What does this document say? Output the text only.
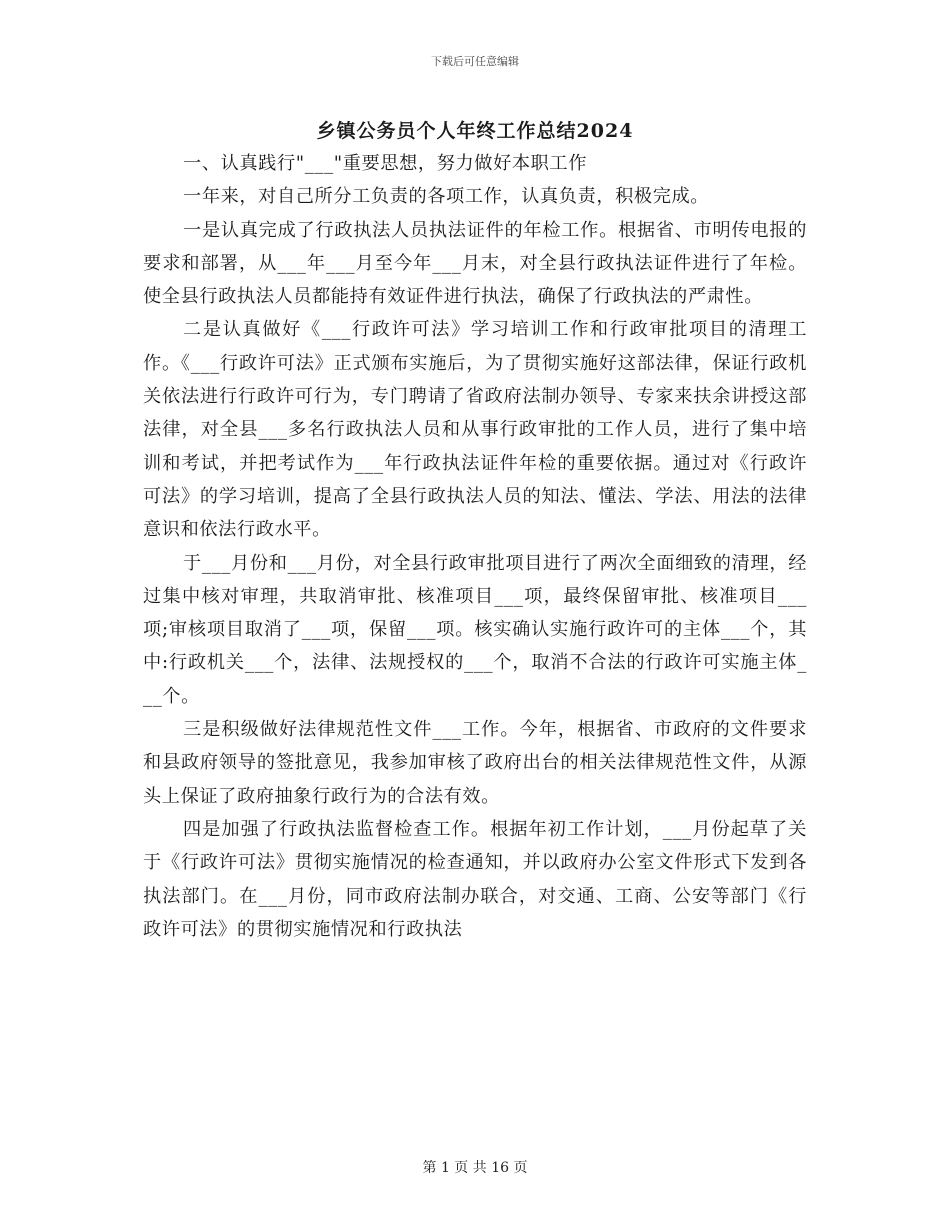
下载后可任意编辑
乡镇公务员个人年终工作总结2024

一、认真践行"___"重要思想，努力做好本职工作

一年来，对自己所分工负责的各项工作，认真负责，积极完成。

一是认真完成了行政执法人员执法证件的年检工作。根据省、市明传电报的要求和部署，从___年___月至今年___月末，对全县行政执法证件进行了年检。使全县行政执法人员都能持有效证件进行执法，确保了行政执法的严肃性。

二是认真做好《___行政许可法》学习培训工作和行政审批项目的清理工作。《___行政许可法》正式颁布实施后，为了贯彻实施好这部法律，保证行政机关依法进行行政许可行为，专门聘请了省政府法制办领导、专家来扶余讲授这部法律，对全县___多名行政执法人员和从事行政审批的工作人员，进行了集中培训和考试，并把考试作为___年行政执法证件年检的重要依据。通过对《行政许可法》的学习培训，提高了全县行政执法人员的知法、懂法、学法、用法的法律意识和依法行政水平。

于___月份和___月份，对全县行政审批项目进行了两次全面细致的清理，经过集中核对审理，共取消审批、核准项目___项，最终保留审批、核准项目___项;审核项目取消了___项，保留___项。核实确认实施行政许可的主体___个，其中:行政机关___个，法律、法规授权的___个，取消不合法的行政许可实施主体___个。

三是积级做好法律规范性文件___工作。今年，根据省、市政府的文件要求和县政府领导的签批意见，我参加审核了政府出台的相关法律规范性文件，从源头上保证了政府抽象行政行为的合法有效。

四是加强了行政执法监督检查工作。根据年初工作计划，___月份起草了关于《行政许可法》贯彻实施情况的检查通知，并以政府办公室文件形式下发到各执法部门。在___月份，同市政府法制办联合，对交通、工商、公安等部门《行政许可法》的贯彻实施情况和行政执法

第 1 页 共 16 页
